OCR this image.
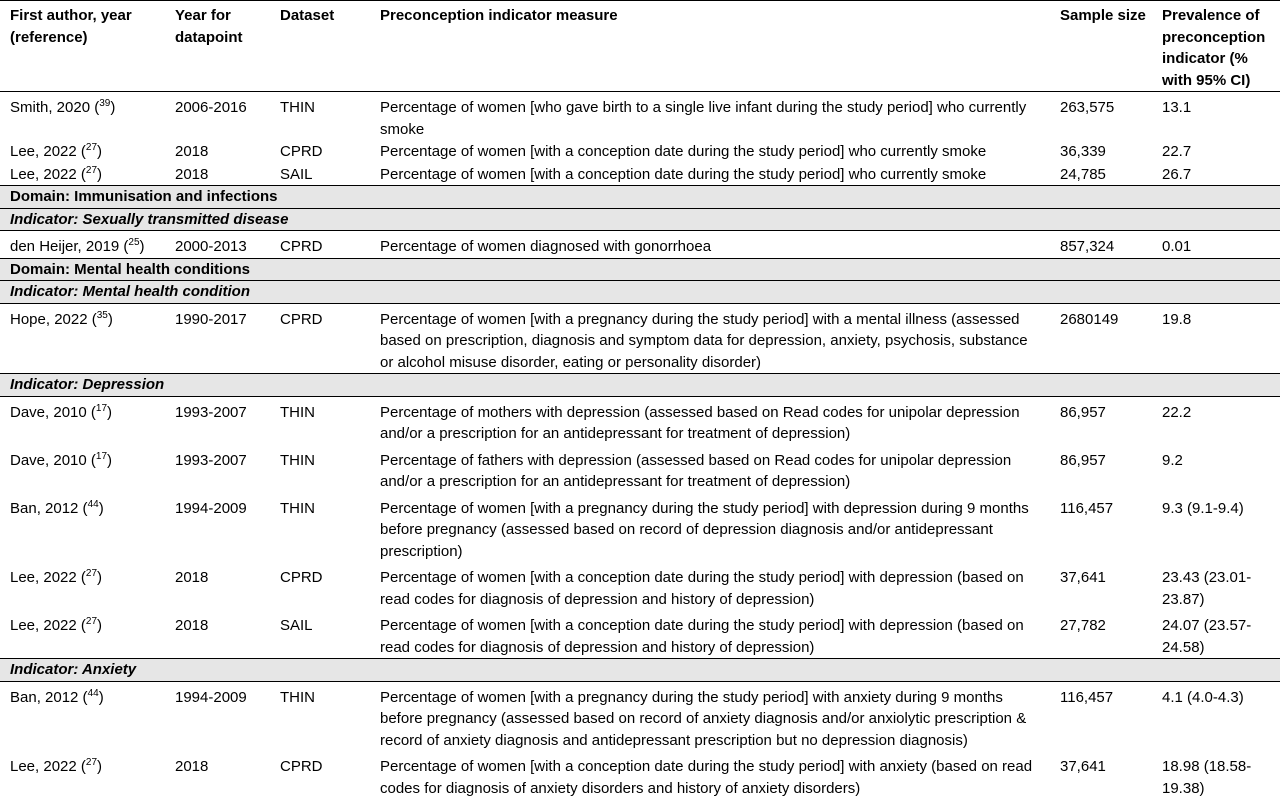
First author, year (reference)	Year for datapoint	Dataset	Preconception indicator measure	Sample size	Prevalence of preconception indicator (% with 95% CI)
Smith, 2020 ($^{39}$)	2006-2016	THIN	Percentage of women [who gave birth to a single live infant during the study period] who currently smoke	263,575	13.1
Lee, 2022 ($^{27}$)	2018	CPRD	Percentage of women [with a conception date during the study period] who currently smoke	36,339	22.7
Lee, 2022 ($^{27}$)	2018	SAIL	Percentage of women [with a conception date during the study period] who currently smoke	24,785	26.7
Domain: Immunisation and infections					
Indicator: Sexually transmitted disease					
den Heijer, 2019 ($^{25}$)	2000-2013	CPRD	Percentage of women diagnosed with gonorrhoea	857,324	0.01
Domain: Mental health conditions					
Indicator: Mental health condition					
Hope, 2022 ($^{35}$)	1990-2017	CPRD	Percentage of women [with a pregnancy during the study period] with a mental illness (assessed based on prescription, diagnosis and symptom data for depression, anxiety, psychosis, substance or alcohol misuse disorder, eating or personality disorder)	2680149	19.8
Indicator: Depression					
Dave, 2010 ($^{17}$)	1993-2007	THIN	Percentage of mothers with depression (assessed based on Read codes for unipolar depression and/or a prescription for an antidepressant for treatment of depression)	86,957	22.2
Dave, 2010 ($^{17}$)	1993-2007	THIN	Percentage of fathers with depression (assessed based on Read codes for unipolar depression and/or a prescription for an antidepressant for treatment of depression)	86,957	9.2
Ban, 2012 ($^{44}$)	1994-2009	THIN	Percentage of women [with a pregnancy during the study period] with depression during 9 months before pregnancy (assessed based on record of depression diagnosis and/or antidepressant prescription)	116,457	9.3 (9.1-9.4)
Lee, 2022 ($^{27}$)	2018	CPRD	Percentage of women [with a conception date during the study period] with depression (based on read codes for diagnosis of depression and history of depression)	37,641	23.43 (23.01-23.87)
Lee, 2022 ($^{27}$)	2018	SAIL	Percentage of women [with a conception date during the study period] with depression (based on read codes for diagnosis of depression and history of depression)	27,782	24.07 (23.57-24.58)
Indicator: Anxiety					
Ban, 2012 ($^{44}$)	1994-2009	THIN	Percentage of women [with a pregnancy during the study period] with anxiety during 9 months before pregnancy (assessed based on record of anxiety diagnosis and/or anxiolytic prescription & record of anxiety diagnosis and antidepressant prescription but no depression diagnosis)	116,457	4.1 (4.0-4.3)
Lee, 2022 ($^{27}$)	2018	CPRD	Percentage of women [with a conception date during the study period] with anxiety (based on read codes for diagnosis of anxiety disorders and history of anxiety disorders)	37,641	18.98 (18.58-19.38)
